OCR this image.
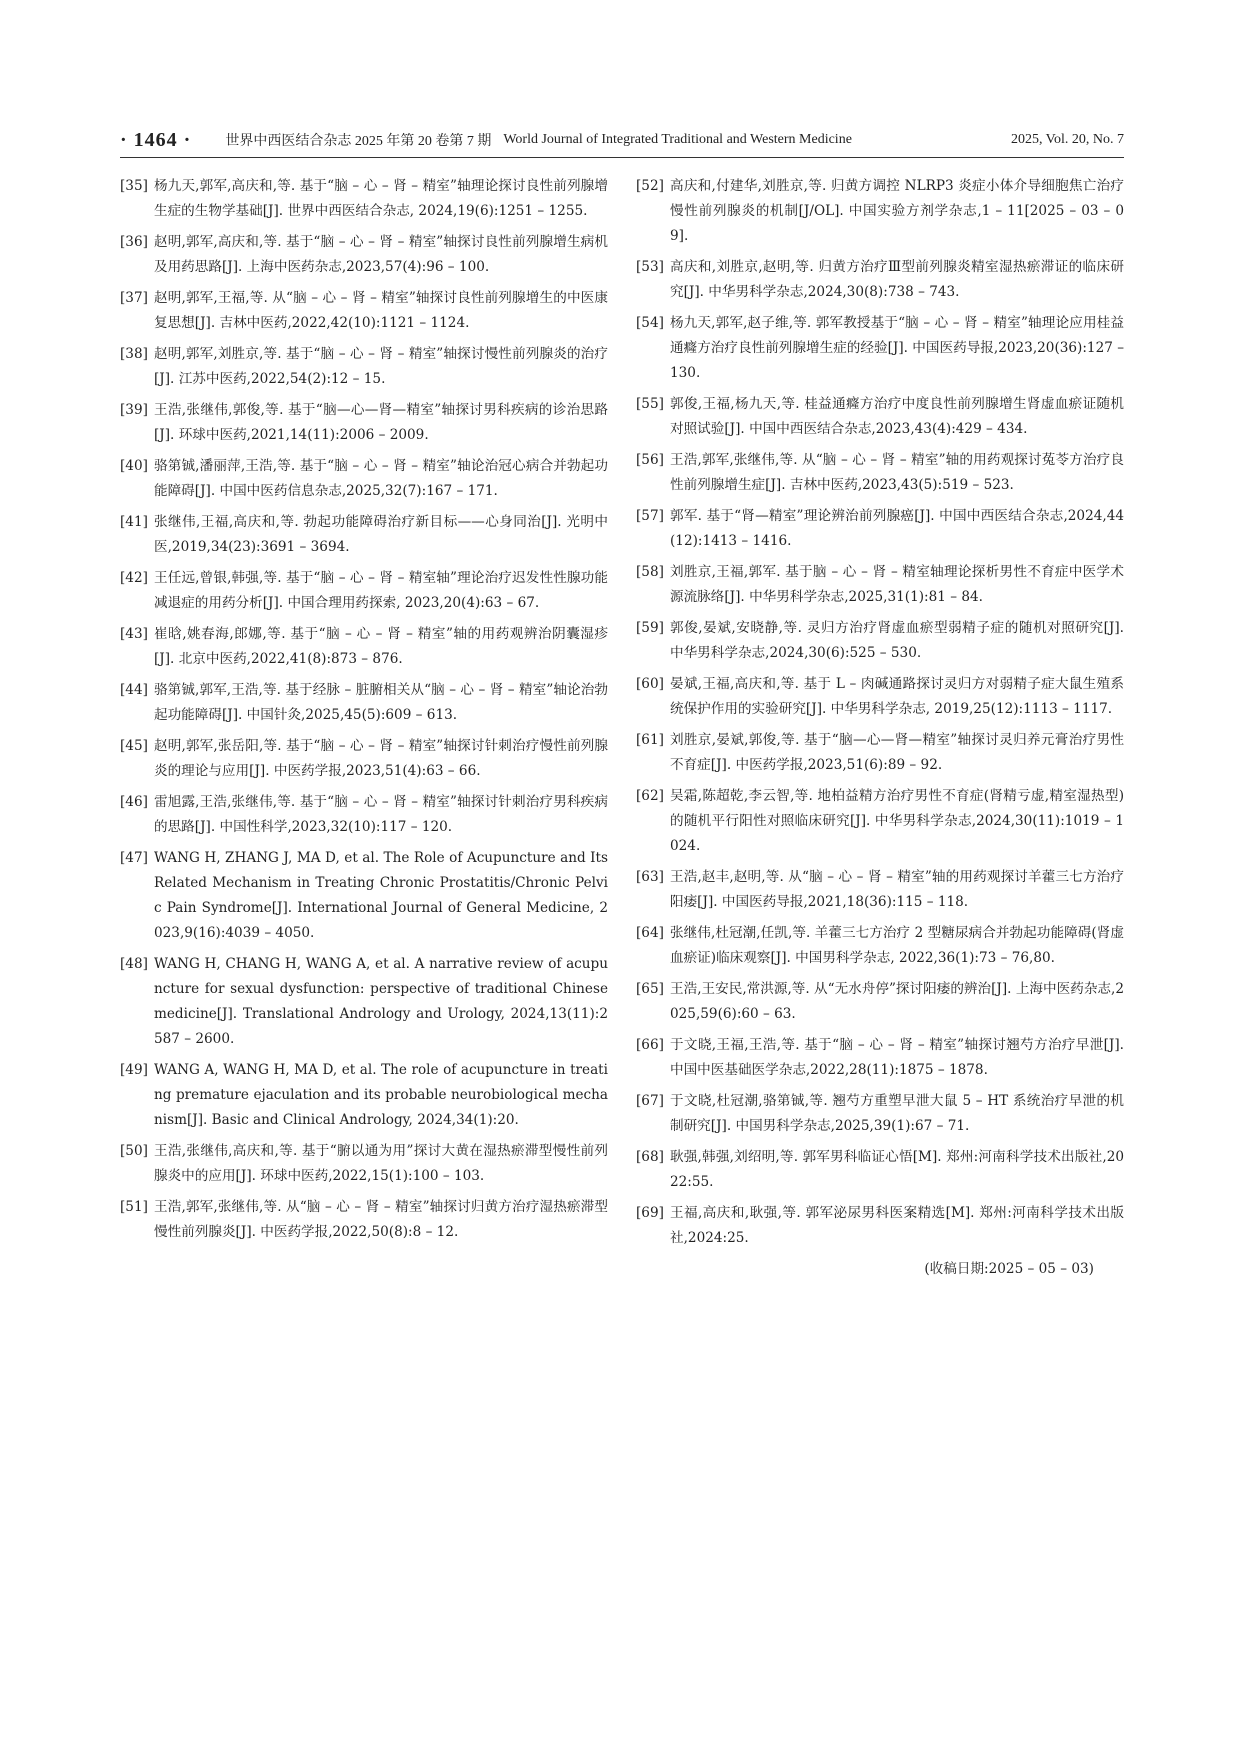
· 1464 · 世界中西医结合杂志 2025 年第 20 卷第 7 期 World Journal of Integrated Traditional and Western Medicine	2025, Vol. 20, No. 7
[35] 杨九天,郭军,高庆和,等. 基于“脑 – 心 – 肾 – 精室”轴理论探讨良性前列腺增生症的生物学基础[J]. 世界中西医结合杂志, 2024,19(6):1251 – 1255.
[36] 赵明,郭军,高庆和,等. 基于“脑 – 心 – 肾 – 精室”轴探讨良性前列腺增生病机及用药思路[J]. 上海中医药杂志,2023,57(4):96 – 100.
[37] 赵明,郭军,王福,等. 从“脑 – 心 – 肾 – 精室”轴探讨良性前列腺增生的中医康复思想[J]. 吉林中医药,2022,42(10):1121 – 1124.
[38] 赵明,郭军,刘胜京,等. 基于“脑 – 心 – 肾 – 精室”轴探讨慢性前列腺炎的治疗[J]. 江苏中医药,2022,54(2):12 – 15.
[39] 王浩,张继伟,郭俊,等. 基于“脑—心—肾—精室”轴探讨男科疾病的诊治思路[J]. 环球中医药,2021,14(11):2006 – 2009.
[40] 骆第铖,潘丽萍,王浩,等. 基于“脑 – 心 – 肾 – 精室”轴论治冠心病合并勃起功能障碍[J]. 中国中医药信息杂志,2025,32(7):167 – 171.
[41] 张继伟,王福,高庆和,等. 勃起功能障碍治疗新目标——心身同治[J]. 光明中医,2019,34(23):3691 – 3694.
[42] 王任远,曾银,韩强,等. 基于“脑 – 心 – 肾 – 精室轴”理论治疗迟发性性腺功能减退症的用药分析[J]. 中国合理用药探索, 2023,20(4):63 – 67.
[43] 崔晗,姚春海,郎娜,等. 基于“脑 – 心 – 肾 – 精室”轴的用药观辨治阴囊湿疹[J]. 北京中医药,2022,41(8):873 – 876.
[44] 骆第铖,郭军,王浩,等. 基于经脉 – 脏腑相关从“脑 – 心 – 肾 – 精室”轴论治勃起功能障碍[J]. 中国针灸,2025,45(5):609 – 613.
[45] 赵明,郭军,张岳阳,等. 基于“脑 – 心 – 肾 – 精室”轴探讨针刺治疗慢性前列腺炎的理论与应用[J]. 中医药学报,2023,51(4):63 – 66.
[46] 雷旭露,王浩,张继伟,等. 基于“脑 – 心 – 肾 – 精室”轴探讨针刺治疗男科疾病的思路[J]. 中国性科学,2023,32(10):117 – 120.
[47] WANG H, ZHANG J, MA D, et al. The Role of Acupuncture and Its Related Mechanism in Treating Chronic Prostatitis/Chronic Pelvic Pain Syndrome[J]. International Journal of General Medicine, 2023,9(16):4039 – 4050.
[48] WANG H, CHANG H, WANG A, et al. A narrative review of acupuncture for sexual dysfunction: perspective of traditional Chinese medicine[J]. Translational Andrology and Urology, 2024,13(11):2587 – 2600.
[49] WANG A, WANG H, MA D, et al. The role of acupuncture in treating premature ejaculation and its probable neurobiological mechanism[J]. Basic and Clinical Andrology, 2024,34(1):20.
[50] 王浩,张继伟,高庆和,等. 基于“腑以通为用”探讨大黄在湿热瘀滞型慢性前列腺炎中的应用[J]. 环球中医药,2022,15(1):100 – 103.
[51] 王浩,郭军,张继伟,等. 从“脑 – 心 – 肾 – 精室”轴探讨归黄方治疗湿热瘀滞型慢性前列腺炎[J]. 中医药学报,2022,50(8):8 – 12.
[52] 高庆和,付建华,刘胜京,等. 归黄方调控 NLRP3 炎症小体介导细胞焦亡治疗慢性前列腺炎的机制[J/OL]. 中国实验方剂学杂志,1 – 11[2025 – 03 – 09].
[53] 高庆和,刘胜京,赵明,等. 归黄方治疗Ⅲ型前列腺炎精室湿热瘀滞证的临床研究[J]. 中华男科学杂志,2024,30(8):738 – 743.
[54] 杨九天,郭军,赵子维,等. 郭军教授基于“脑 – 心 – 肾 – 精室”轴理论应用桂益通癃方治疗良性前列腺增生症的经验[J]. 中国医药导报,2023,20(36):127 – 130.
[55] 郭俊,王福,杨九天,等. 桂益通癃方治疗中度良性前列腺增生肾虚血瘀证随机对照试验[J]. 中国中西医结合杂志,2023,43(4):429 – 434.
[56] 王浩,郭军,张继伟,等. 从“脑 – 心 – 肾 – 精室”轴的用药观探讨菟苓方治疗良性前列腺增生症[J]. 吉林中医药,2023,43(5):519 – 523.
[57] 郭军. 基于“肾—精室”理论辨治前列腺癌[J]. 中国中西医结合杂志,2024,44(12):1413 – 1416.
[58] 刘胜京,王福,郭军. 基于脑 – 心 – 肾 – 精室轴理论探析男性不育症中医学术源流脉络[J]. 中华男科学杂志,2025,31(1):81 – 84.
[59] 郭俊,晏斌,安晓静,等. 灵归方治疗肾虚血瘀型弱精子症的随机对照研究[J]. 中华男科学杂志,2024,30(6):525 – 530.
[60] 晏斌,王福,高庆和,等. 基于 L – 肉碱通路探讨灵归方对弱精子症大鼠生殖系统保护作用的实验研究[J]. 中华男科学杂志, 2019,25(12):1113 – 1117.
[61] 刘胜京,晏斌,郭俊,等. 基于“脑—心—肾—精室”轴探讨灵归养元膏治疗男性不育症[J]. 中医药学报,2023,51(6):89 – 92.
[62] 吴霜,陈超乾,李云智,等. 地柏益精方治疗男性不育症(肾精亏虚,精室湿热型)的随机平行阳性对照临床研究[J]. 中华男科学杂志,2024,30(11):1019 – 1024.
[63] 王浩,赵丰,赵明,等. 从“脑 – 心 – 肾 – 精室”轴的用药观探讨羊藿三七方治疗阳痿[J]. 中国医药导报,2021,18(36):115 – 118.
[64] 张继伟,杜冠潮,任凯,等. 羊藿三七方治疗 2 型糖尿病合并勃起功能障碍(肾虚血瘀证)临床观察[J]. 中国男科学杂志, 2022,36(1):73 – 76,80.
[65] 王浩,王安民,常洪源,等. 从“无水舟停”探讨阳痿的辨治[J]. 上海中医药杂志,2025,59(6):60 – 63.
[66] 于文晓,王福,王浩,等. 基于“脑 – 心 – 肾 – 精室”轴探讨翘芍方治疗早泄[J]. 中国中医基础医学杂志,2022,28(11):1875 – 1878.
[67] 于文晓,杜冠潮,骆第铖,等. 翘芍方重塑早泄大鼠 5 – HT 系统治疗早泄的机制研究[J]. 中国男科学杂志,2025,39(1):67 – 71.
[68] 耿强,韩强,刘绍明,等. 郭军男科临证心悟[M]. 郑州:河南科学技术出版社,2022:55.
[69] 王福,高庆和,耿强,等. 郭军泌尿男科医案精选[M]. 郑州:河南科学技术出版社,2024:25.
(收稿日期:2025 – 05 – 03)
